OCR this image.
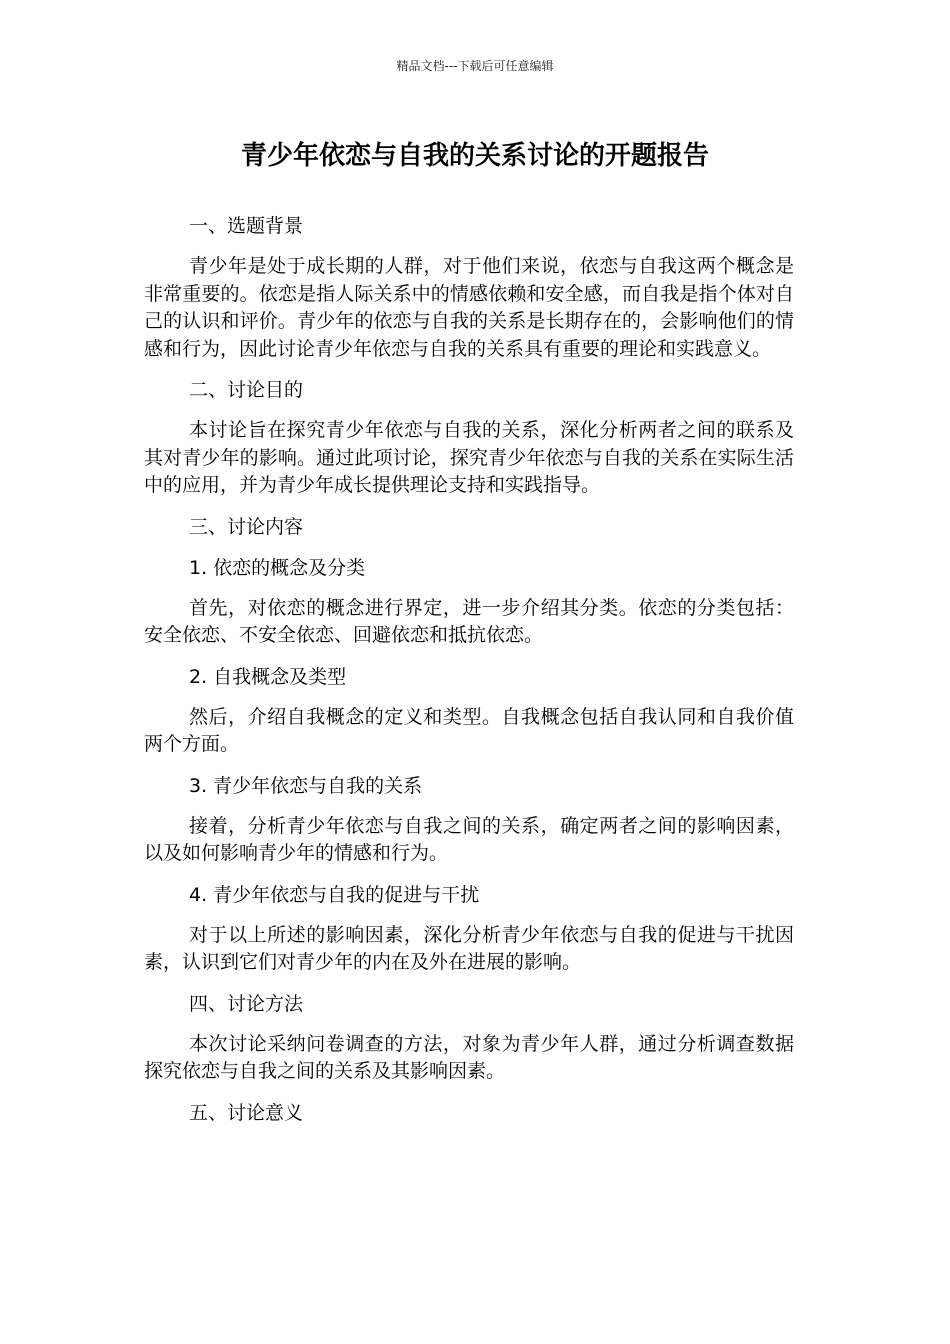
精品文档---下载后可任意编辑
青少年依恋与自我的关系讨论的开题报告

一、选题背景

青少年是处于成长期的人群，对于他们来说，依恋与自我这两个概念是非常重要的。依恋是指人际关系中的情感依赖和安全感，而自我是指个体对自己的认识和评价。青少年的依恋与自我的关系是长期存在的，会影响他们的情感和行为，因此讨论青少年依恋与自我的关系具有重要的理论和实践意义。

二、讨论目的

本讨论旨在探究青少年依恋与自我的关系，深化分析两者之间的联系及其对青少年的影响。通过此项讨论，探究青少年依恋与自我的关系在实际生活中的应用，并为青少年成长提供理论支持和实践指导。

三、讨论内容

1. 依恋的概念及分类

首先，对依恋的概念进行界定，进一步介绍其分类。依恋的分类包括：安全依恋、不安全依恋、回避依恋和抵抗依恋。

2. 自我概念及类型

然后，介绍自我概念的定义和类型。自我概念包括自我认同和自我价值两个方面。

3. 青少年依恋与自我的关系

接着，分析青少年依恋与自我之间的关系，确定两者之间的影响因素，以及如何影响青少年的情感和行为。

4. 青少年依恋与自我的促进与干扰

对于以上所述的影响因素，深化分析青少年依恋与自我的促进与干扰因素，认识到它们对青少年的内在及外在进展的影响。

四、讨论方法

本次讨论采纳问卷调查的方法，对象为青少年人群，通过分析调查数据探究依恋与自我之间的关系及其影响因素。

五、讨论意义
